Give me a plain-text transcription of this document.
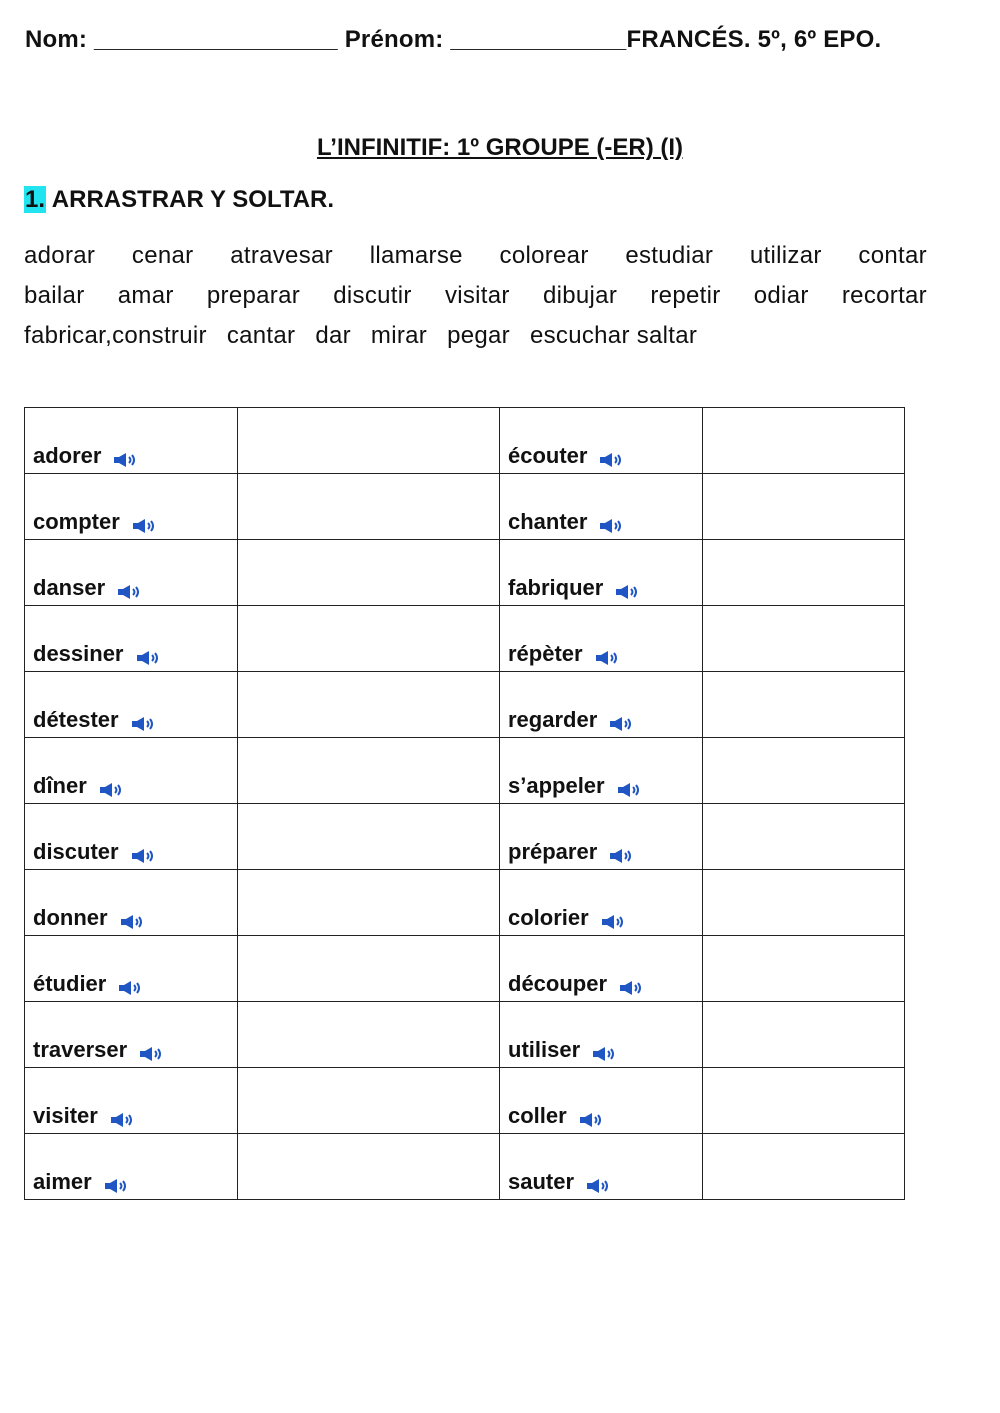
Nom: __________________ Prénom: _____________FRANCÉS. 5º, 6º EPO.
L’INFINITIF: 1º GROUPE (-ER) (I)
1. ARRASTRAR Y SOLTAR.
adorar cenar atravesar llamarse colorear estudiar utilizar contar
bailar amar preparar discutir visitar dibujar repetir odiar recortar
fabricar,construir cantar dar mirar pegar escuchar saltar
adorer		écouter	

compter		chanter	

danser		fabriquer	

dessiner		répèter	

détester		regarder	

dîner		s’appeler	

discuter		préparer	

donner		colorier	

étudier		découper	

traverser		utiliser	

visiter		coller	

aimer		sauter	
